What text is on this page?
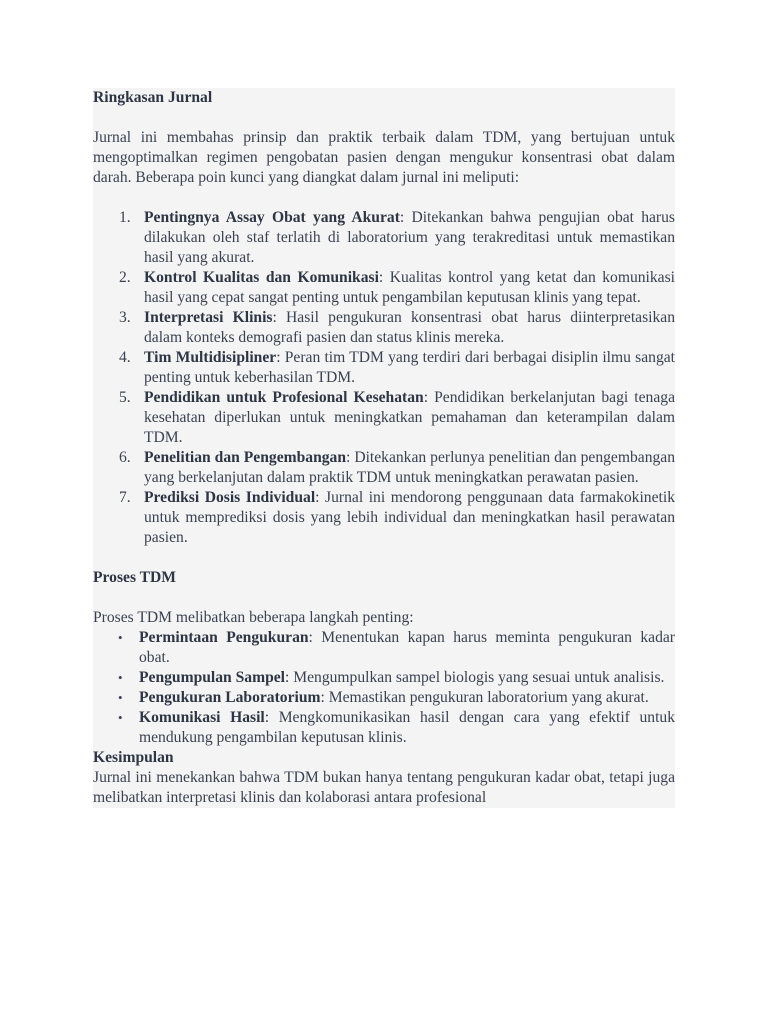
Ringkasan Jurnal

Jurnal ini membahas prinsip dan praktik terbaik dalam TDM, yang bertujuan untuk mengoptimalkan regimen pengobatan pasien dengan mengukur konsentrasi obat dalam darah. Beberapa poin kunci yang diangkat dalam jurnal ini meliputi:

1. Pentingnya Assay Obat yang Akurat: Ditekankan bahwa pengujian obat harus dilakukan oleh staf terlatih di laboratorium yang terakreditasi untuk memastikan hasil yang akurat.
2. Kontrol Kualitas dan Komunikasi: Kualitas kontrol yang ketat dan komunikasi hasil yang cepat sangat penting untuk pengambilan keputusan klinis yang tepat.
3. Interpretasi Klinis: Hasil pengukuran konsentrasi obat harus diinterpretasikan dalam konteks demografi pasien dan status klinis mereka.
4. Tim Multidisipliner: Peran tim TDM yang terdiri dari berbagai disiplin ilmu sangat penting untuk keberhasilan TDM.
5. Pendidikan untuk Profesional Kesehatan: Pendidikan berkelanjutan bagi tenaga kesehatan diperlukan untuk meningkatkan pemahaman dan keterampilan dalam TDM.
6. Penelitian dan Pengembangan: Ditekankan perlunya penelitian dan pengembangan yang berkelanjutan dalam praktik TDM untuk meningkatkan perawatan pasien.
7. Prediksi Dosis Individual: Jurnal ini mendorong penggunaan data farmakokinetik untuk memprediksi dosis yang lebih individual dan meningkatkan hasil perawatan pasien.
Proses TDM

Proses TDM melibatkan beberapa langkah penting:

• Permintaan Pengukuran: Menentukan kapan harus meminta pengukuran kadar obat.
• Pengumpulan Sampel: Mengumpulkan sampel biologis yang sesuai untuk analisis.
• Pengukuran Laboratorium: Memastikan pengukuran laboratorium yang akurat.
• Komunikasi Hasil: Mengkomunikasikan hasil dengan cara yang efektif untuk mendukung pengambilan keputusan klinis.
Kesimpulan

Jurnal ini menekankan bahwa TDM bukan hanya tentang pengukuran kadar obat, tetapi juga melibatkan interpretasi klinis dan kolaborasi antara profesional
